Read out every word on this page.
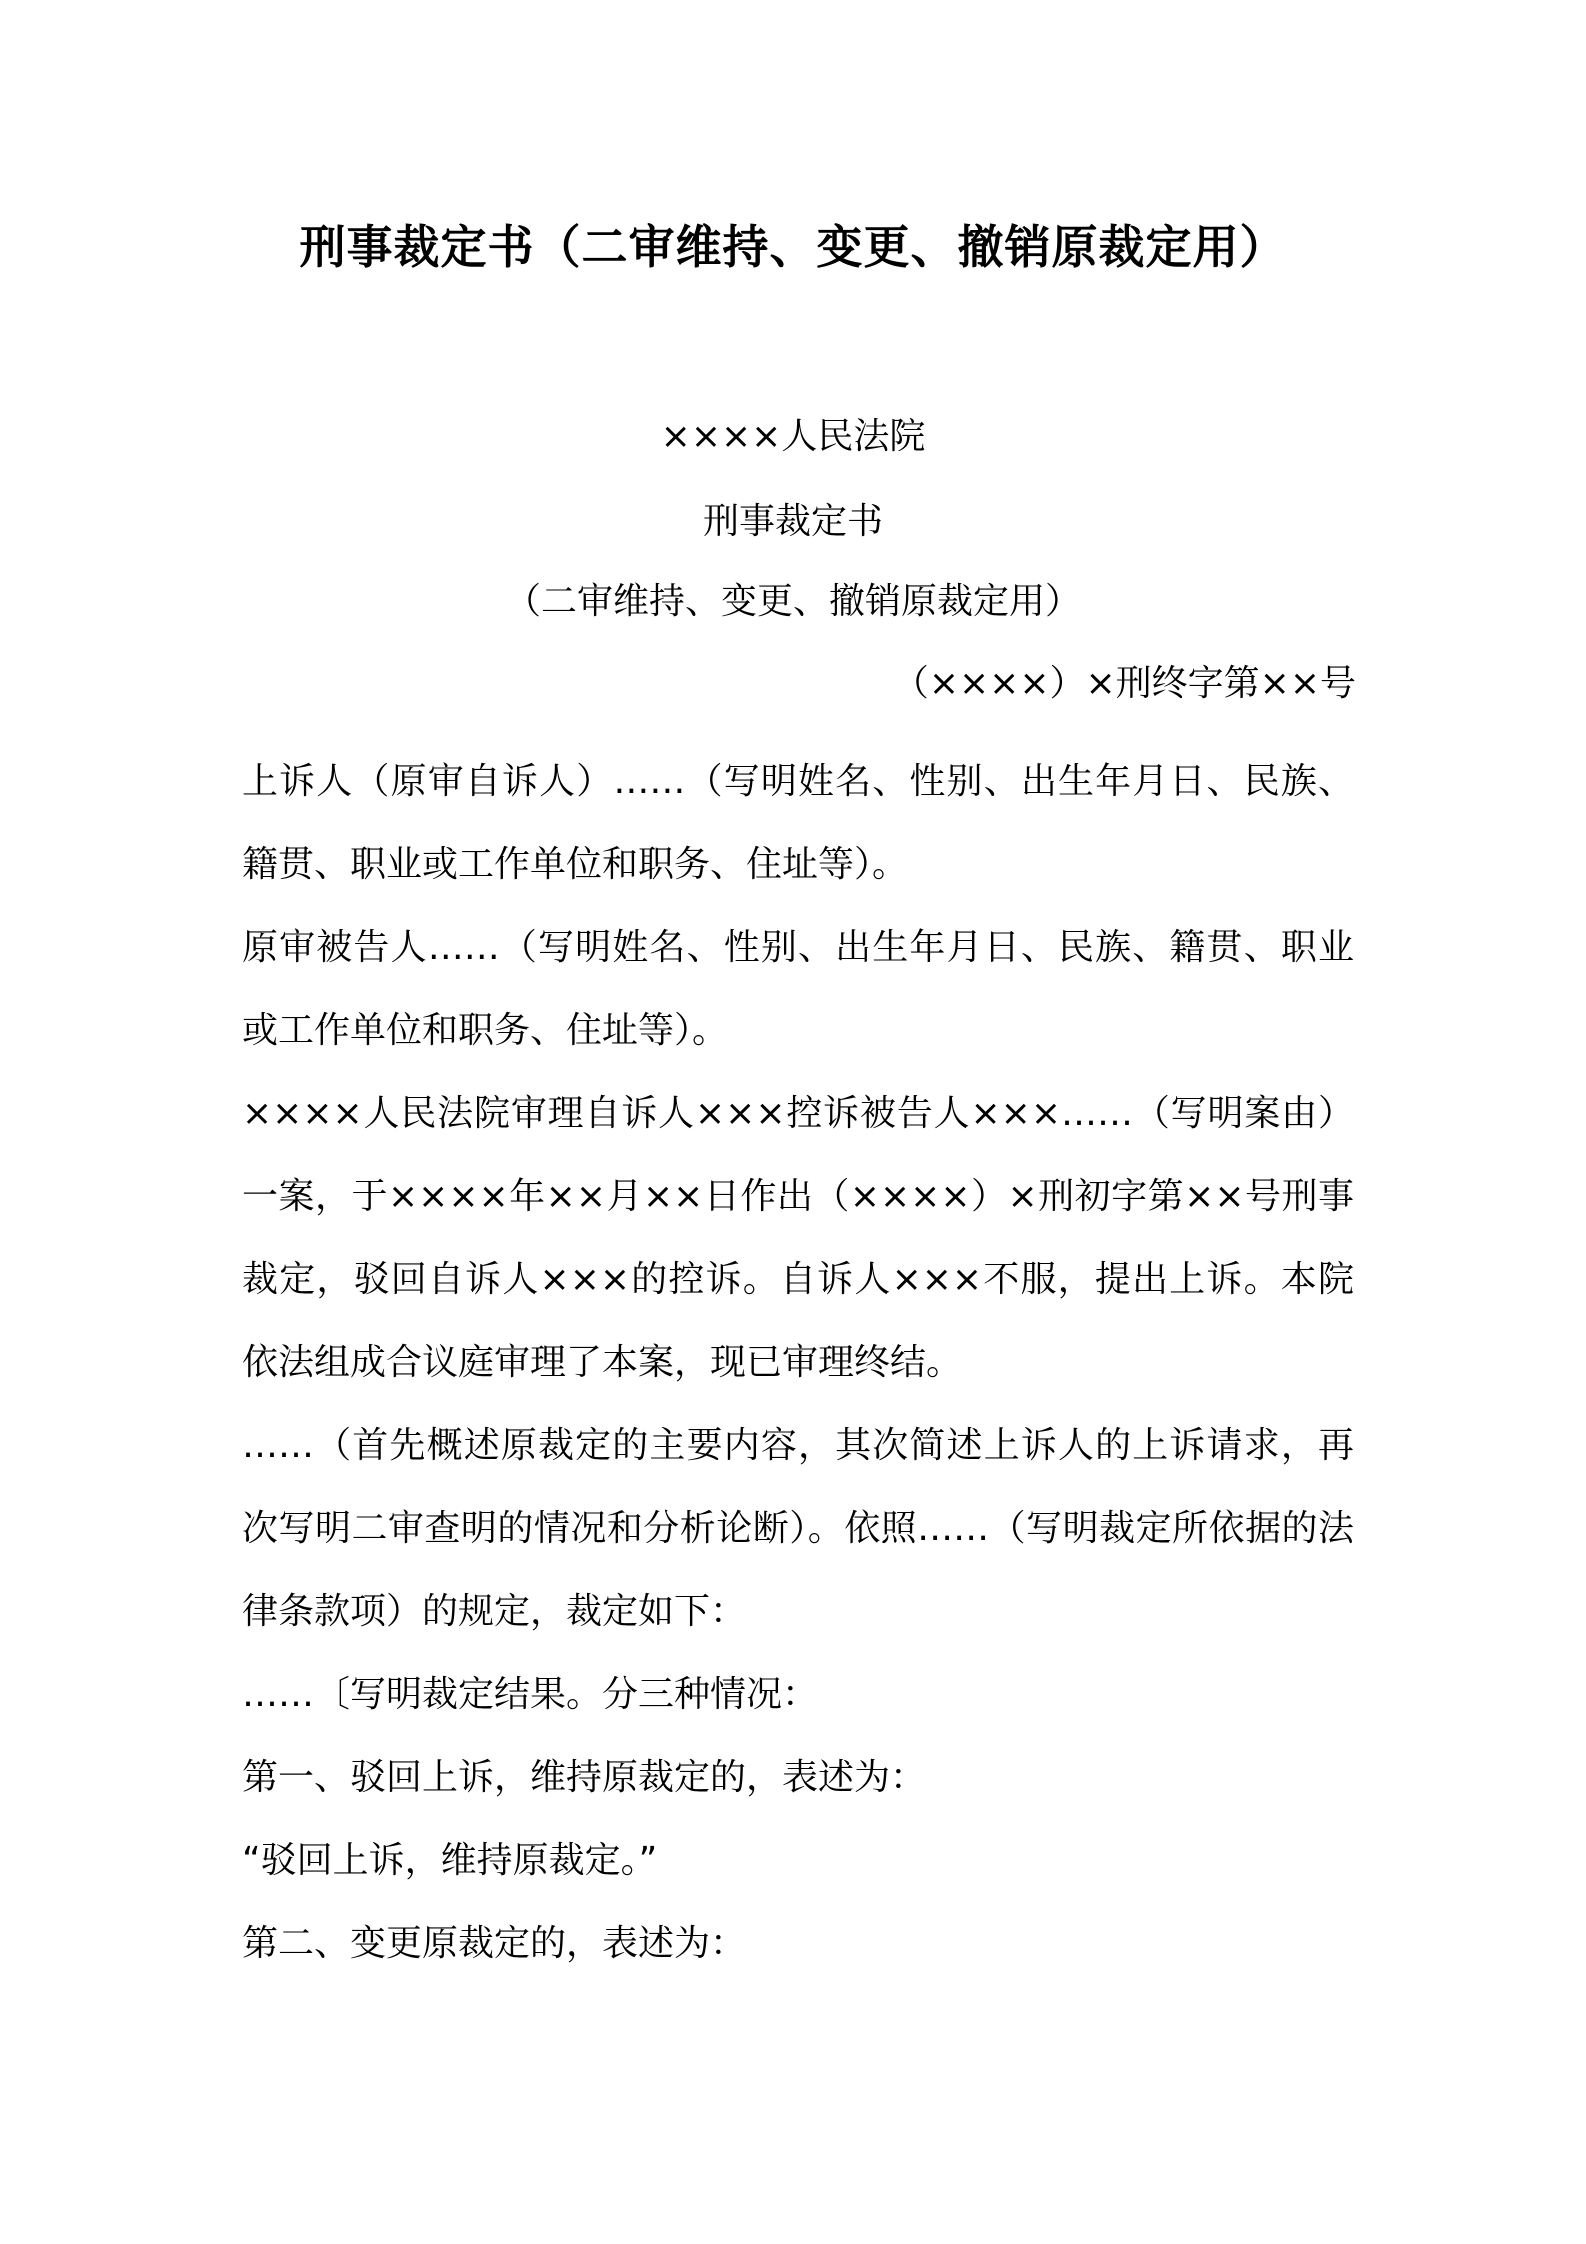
刑事裁定书（二审维持、变更、撤销原裁定用）
××××人民法院
刑事裁定书
（二审维持、变更、撤销原裁定用）
（××××）×刑终字第××号

上诉人（原审自诉人）……（写明姓名、性别、出生年月日、民族、籍贯、职业或工作单位和职务、住址等）。

原审被告人……（写明姓名、性别、出生年月日、民族、籍贯、职业或工作单位和职务、住址等）。

××××人民法院审理自诉人×××控诉被告人×××……（写明案由）一案，于××××年××月××日作出（××××）×刑初字第××号刑事裁定，驳回自诉人×××的控诉。自诉人×××不服，提出上诉。本院依法组成合议庭审理了本案，现已审理终结。

……（首先概述原裁定的主要内容，其次简述上诉人的上诉请求，再次写明二审查明的情况和分析论断）。依照……（写明裁定所依据的法律条款项）的规定，裁定如下：

……〔写明裁定结果。分三种情况：

第一、驳回上诉，维持原裁定的，表述为：

“驳回上诉，维持原裁定。”

第二、变更原裁定的，表述为：
